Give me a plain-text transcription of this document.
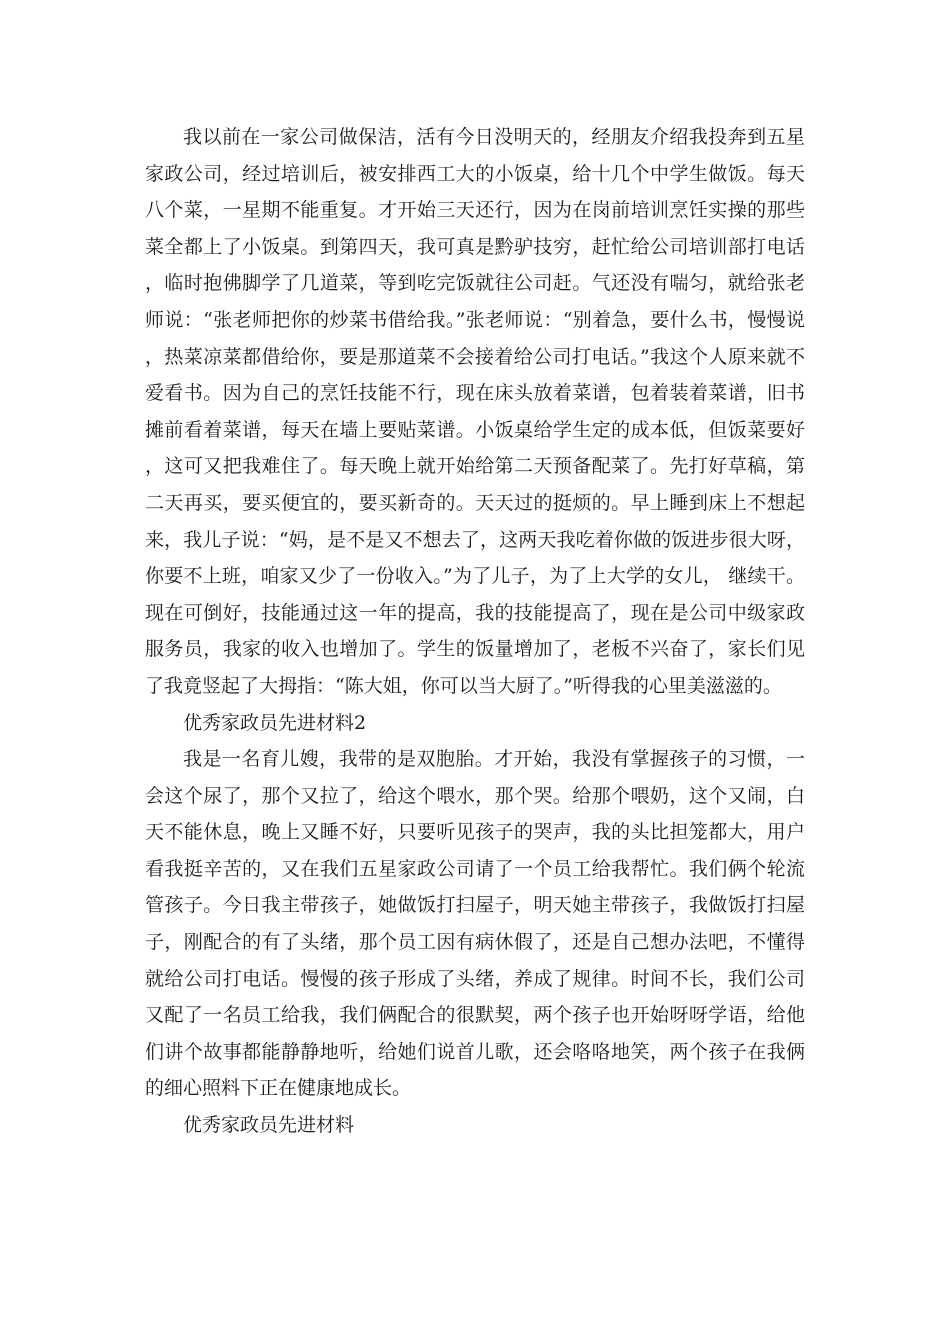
我以前在一家公司做保洁，活有今日没明天的，经朋友介绍我投奔到五星家政公司，经过培训后，被安排西工大的小饭桌，给十几个中学生做饭。每天八个菜，一星期不能重复。才开始三天还行，因为在岗前培训烹饪实操的那些菜全都上了小饭桌。到第四天，我可真是黔驴技穷，赶忙给公司培训部打电话，临时抱佛脚学了几道菜，等到吃完饭就往公司赶。气还没有喘匀，就给张老师说：“张老师把你的炒菜书借给我。”张老师说：“别着急，要什么书，慢慢说，热菜凉菜都借给你，要是那道菜不会接着给公司打电话。”我这个人原来就不爱看书。因为自己的烹饪技能不行，现在床头放着菜谱，包着装着菜谱，旧书摊前看着菜谱，每天在墙上要贴菜谱。小饭桌给学生定的成本低，但饭菜要好，这可又把我难住了。每天晚上就开始给第二天预备配菜了。先打好草稿，第二天再买，要买便宜的，要买新奇的。天天过的挺烦的。早上睡到床上不想起来，我儿子说：“妈，是不是又不想去了，这两天我吃着你做的饭进步很大呀，你要不上班，咱家又少了一份收入。”为了儿子，为了上大学的女儿， 继续干。现在可倒好，技能通过这一年的提高，我的技能提高了，现在是公司中级家政服务员，我家的收入也增加了。学生的饭量增加了，老板不兴奋了，家长们见了我竟竖起了大拇指：“陈大姐，你可以当大厨了。”听得我的心里美滋滋的。

优秀家政员先进材料2

我是一名育儿嫂，我带的是双胞胎。才开始，我没有掌握孩子的习惯，一会这个尿了，那个又拉了，给这个喂水，那个哭。给那个喂奶，这个又闹，白天不能休息，晚上又睡不好，只要听见孩子的哭声，我的头比担笼都大，用户看我挺辛苦的，又在我们五星家政公司请了一个员工给我帮忙。我们俩个轮流管孩子。今日我主带孩子，她做饭打扫屋子，明天她主带孩子，我做饭打扫屋子，刚配合的有了头绪，那个员工因有病休假了，还是自己想办法吧，不懂得就给公司打电话。慢慢的孩子形成了头绪，养成了规律。时间不长，我们公司又配了一名员工给我，我们俩配合的很默契，两个孩子也开始呀呀学语，给他们讲个故事都能静静地听，给她们说首儿歌，还会咯咯地笑，两个孩子在我俩的细心照料下正在健康地成长。

优秀家政员先进材料
